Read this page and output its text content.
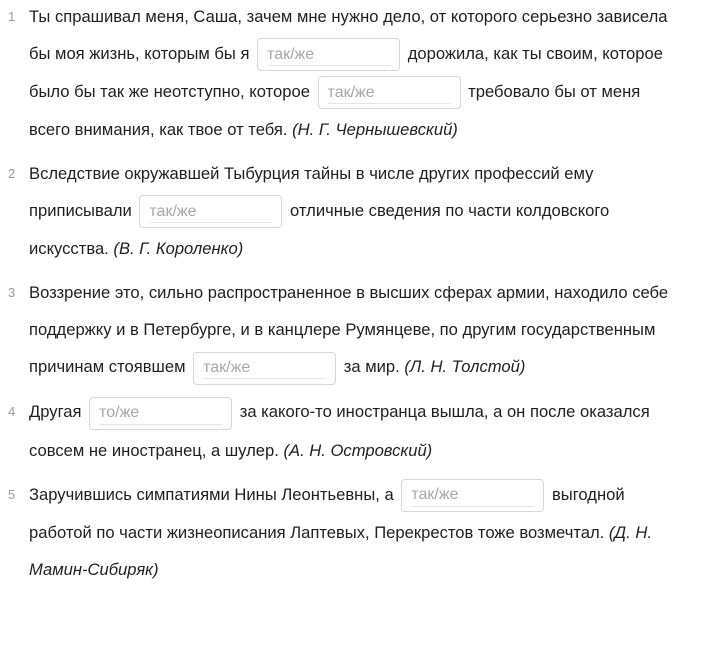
1 Ты спрашивал меня, Саша, зачем мне нужно дело, от которого серьезно зависела бы моя жизнь, которым бы я так/же	дорожила, как ты своим, которое было бы так же неотступно, которое так/же	требовало бы от меня всего внимания, как твое от тебя. (Н. Г. Чернышевский)
2 Вследствие окружавшей Тыбурция тайны в числе других профессий ему приписывали так/же	отличные сведения по части колдовского искусства. (В. Г. Короленко)
3 Воззрение это, сильно распространенное в высших сферах армии, находило себе поддержку и в Петербурге, и в канцлере Румянцеве, по другим государственным причинам стоявшем так/же	за мир. (Л. Н. Толстой)
4 Другая то/же	за какого-то иностранца вышла, а он после оказался совсем не иностранец, а шулер. (А. Н. Островский)
5 Заручившись симпатиями Нины Леонтьевны, а так/же	выгодной работой по части жизнеописания Лаптевых, Перекрестов тоже возмечтал. (Д. Н. Мамин-Сибиряк)
